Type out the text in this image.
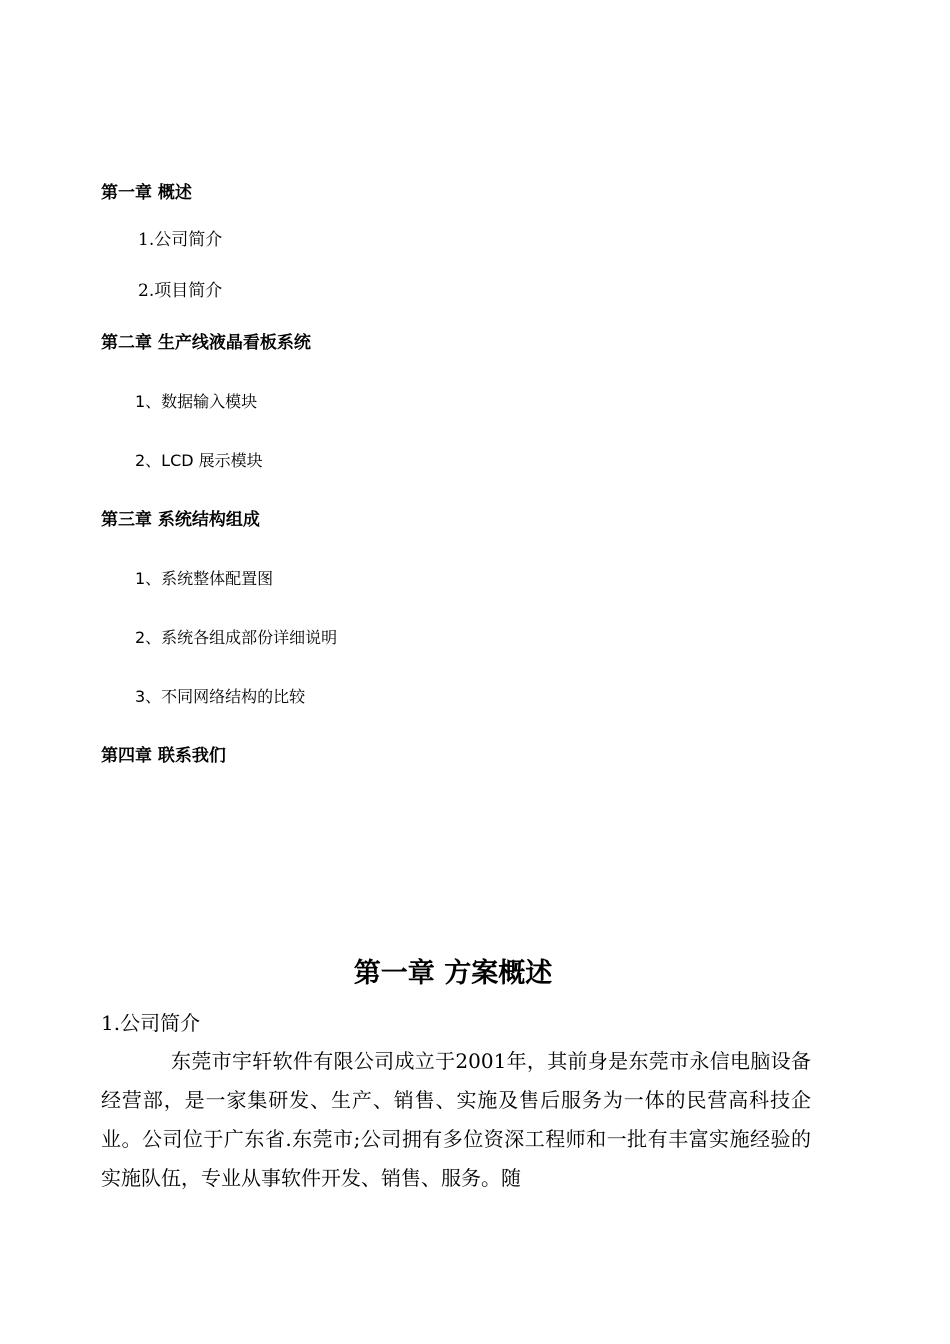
第一章 概述
1.公司简介
2.项目简介
第二章 生产线液晶看板系统
1、数据输入模块
2、LCD 展示模块
第三章 系统结构组成
1、系统整体配置图
2、系统各组成部份详细说明
3、不同网络结构的比较
第四章 联系我们
第一章 方案概述
1.公司简介
东莞市宇轩软件有限公司成立于2001年，其前身是东莞市永信电脑设备经营部，是一家集研发、生产、销售、实施及售后服务为一体的民营高科技企业。公司位于广东省.东莞市;公司拥有多位资深工程师和一批有丰富实施经验的实施队伍，专业从事软件开发、销售、服务。随
